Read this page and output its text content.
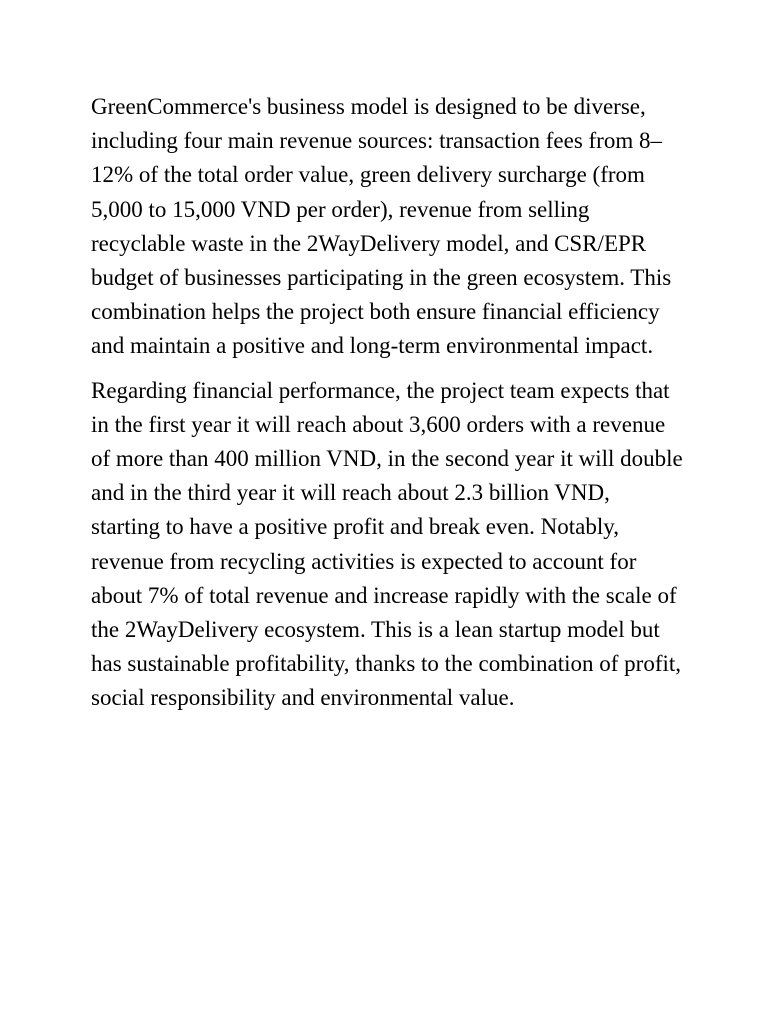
GreenCommerce's business model is designed to be diverse, including four main revenue sources: transaction fees from 8–12% of the total order value, green delivery surcharge (from 5,000 to 15,000 VND per order), revenue from selling recyclable waste in the 2WayDelivery model, and CSR/EPR budget of businesses participating in the green ecosystem. This combination helps the project both ensure financial efficiency and maintain a positive and long-term environmental impact.

Regarding financial performance, the project team expects that in the first year it will reach about 3,600 orders with a revenue of more than 400 million VND, in the second year it will double and in the third year it will reach about 2.3 billion VND, starting to have a positive profit and break even. Notably, revenue from recycling activities is expected to account for about 7% of total revenue and increase rapidly with the scale of the 2WayDelivery ecosystem. This is a lean startup model but has sustainable profitability, thanks to the combination of profit, social responsibility and environmental value.
